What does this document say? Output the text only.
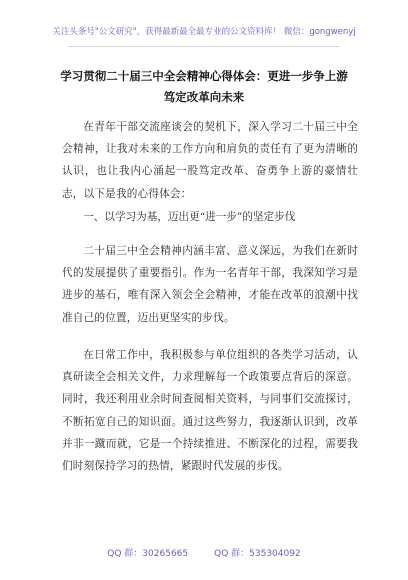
关注头条号"公文研究"，获得最新最全最专业的公文资料库！ 微信：gongwenyj
学习贯彻二十届三中全会精神心得体会：更进一步争上游
笃定改革向未来

在青年干部交流座谈会的契机下，深入学习二十届三中全会精神，让我对未来的工作方向和肩负的责任有了更为清晰的认识，也让我内心涌起一股笃定改革、奋勇争上游的豪情壮志，以下是我的心得体会：

一、以学习为基，迈出更“进一步”的坚定步伐

二十届三中全会精神内涵丰富、意义深远，为我们在新时代的发展提供了重要指引。作为一名青年干部，我深知学习是进步的基石，唯有深入领会全会精神，才能在改革的浪潮中找准自己的位置，迈出更坚实的步伐。

在日常工作中，我积极参与单位组织的各类学习活动，认真研读全会相关文件，力求理解每一个政策要点背后的深意。同时，我还利用业余时间查阅相关资料，与同事们交流探讨，不断拓宽自己的知识面。通过这些努力，我逐渐认识到，改革并非一蹴而就，它是一个持续推进、不断深化的过程，需要我们时刻保持学习的热情，紧跟时代发展的步伐。

QQ 群：30265665	QQ 群：535304092
